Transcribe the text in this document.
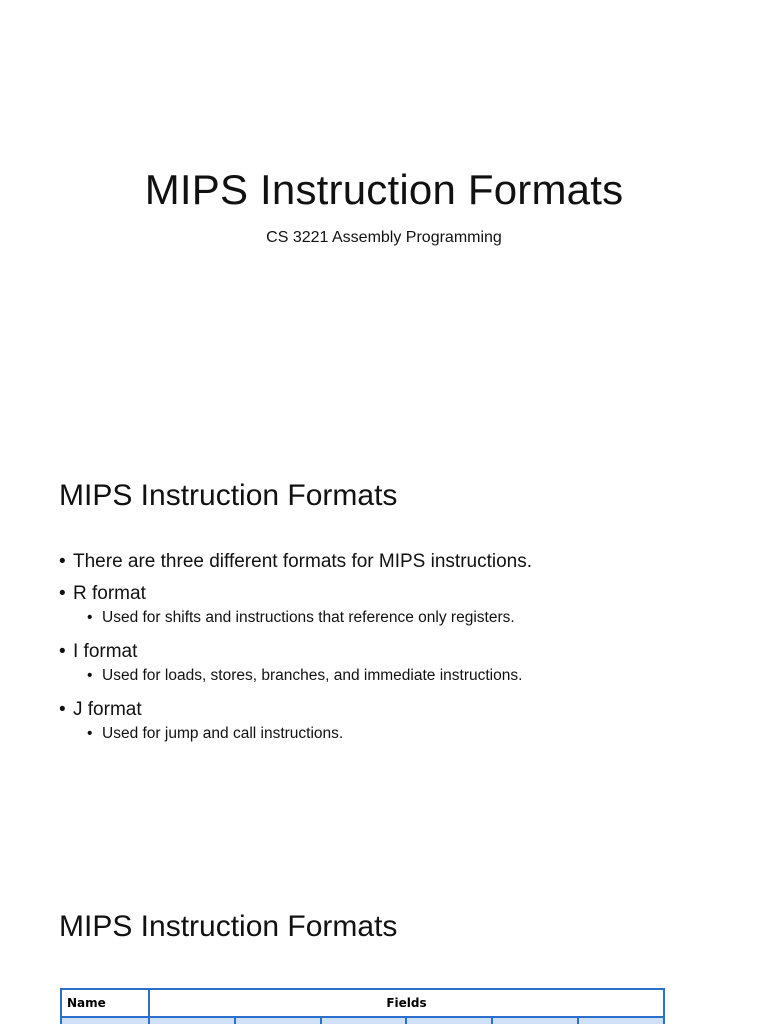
MIPS Instruction Formats
CS 3221 Assembly Programming
MIPS Instruction Formats
• There are three different formats for MIPS instructions.
• R format
• Used for shifts and instructions that reference only registers.
• I format
• Used for loads, stores, branches, and immediate instructions.
• J format
• Used for jump and call instructions.
MIPS Instruction Formats
Name	Fields					
